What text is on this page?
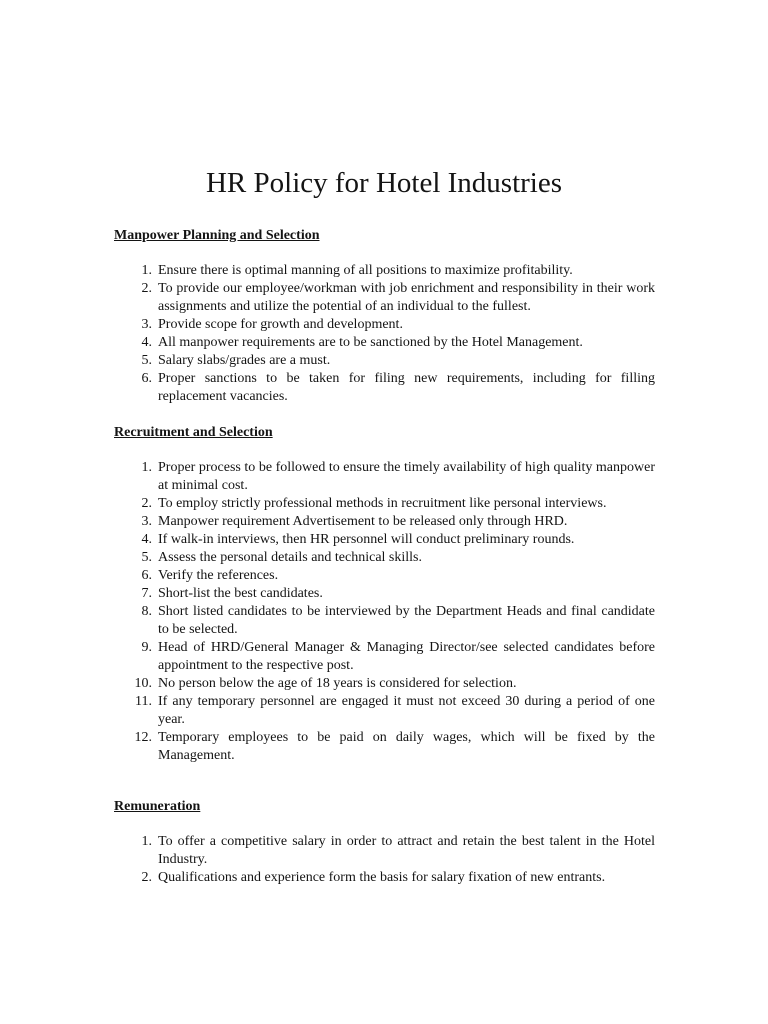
HR Policy for Hotel Industries
Manpower Planning and Selection
1. Ensure there is optimal manning of all positions to maximize profitability.
2. To provide our employee/workman with job enrichment and responsibility in their work assignments and utilize the potential of an individual to the fullest.
3. Provide scope for growth and development.
4. All manpower requirements are to be sanctioned by the Hotel Management.
5. Salary slabs/grades are a must.
6. Proper sanctions to be taken for filing new requirements, including for filling replacement vacancies.
Recruitment and Selection
1. Proper process to be followed to ensure the timely availability of high quality manpower at minimal cost.
2. To employ strictly professional methods in recruitment like personal interviews.
3. Manpower requirement Advertisement to be released only through HRD.
4. If walk-in interviews, then HR personnel will conduct preliminary rounds.
5. Assess the personal details and technical skills.
6. Verify the references.
7. Short-list the best candidates.
8. Short listed candidates to be interviewed by the Department Heads and final candidate to be selected.
9. Head of HRD/General Manager & Managing Director/see selected candidates before appointment to the respective post.
10. No person below the age of 18 years is considered for selection.
11. If any temporary personnel are engaged it must not exceed 30 during a period of one year.
12. Temporary employees to be paid on daily wages, which will be fixed by the Management.
Remuneration
1. To offer a competitive salary in order to attract and retain the best talent in the Hotel Industry.
2. Qualifications and experience form the basis for salary fixation of new entrants.
